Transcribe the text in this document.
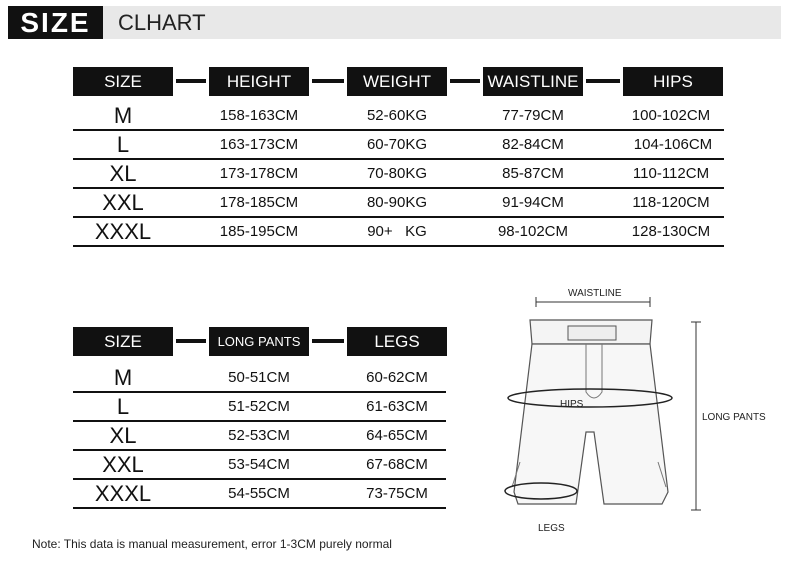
SIZE	CLHART
SIZE	HEIGHT	WEIGHT	WAISTLINE	HIPS
M	158-163CM	52-60KG	77-79CM	100-102CM
L	163-173CM	60-70KG	82-84CM	104-106CM
XL	173-178CM	70-80KG	85-87CM	110-112CM
XXL	178-185CM	80-90KG	91-94CM	118-120CM
XXXL	185-195CM	90+   KG	98-102CM	128-130CM
SIZE	LONG PANTS	LEGS
M	50-51CM	60-62CM
L	51-52CM	61-63CM
XL	52-53CM	64-65CM
XXL	53-54CM	67-68CM
XXXL	54-55CM	73-75CM
WAISTLINE
HIPS
LONG PANTS
LEGS
Note: This data is manual measurement, error 1-3CM purely normal
